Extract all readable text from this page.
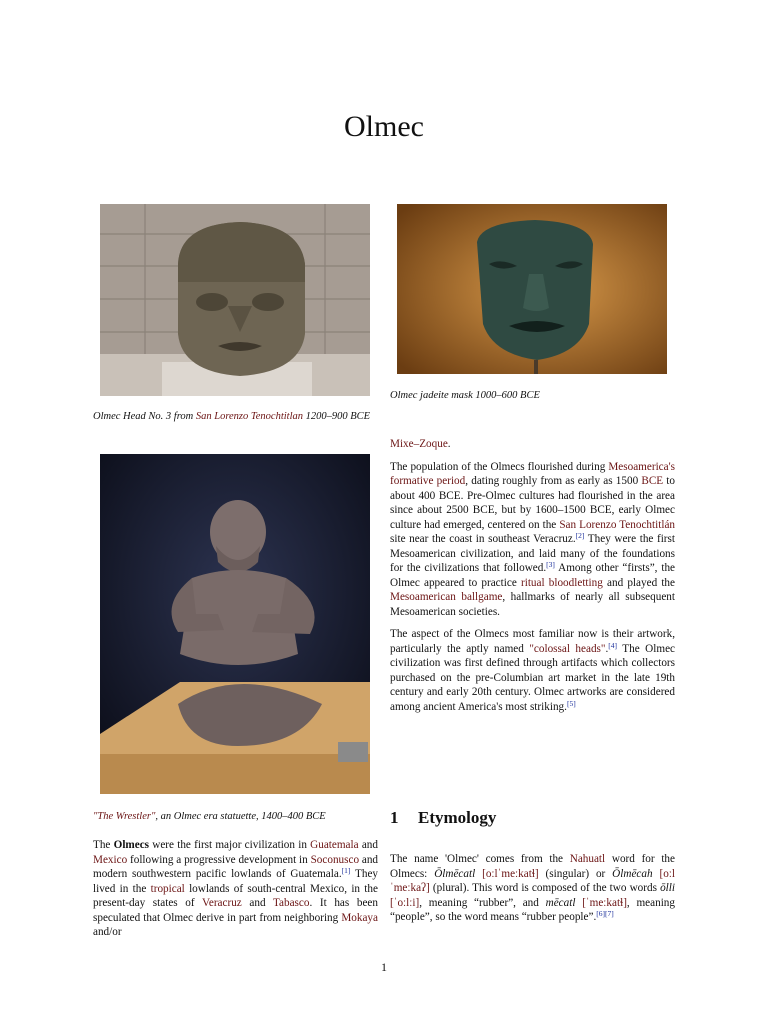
Olmec
Olmec Head No. 3 from San Lorenzo Tenochtitlan 1200–900 BCE
Olmec jadeite mask 1000–600 BCE
"The Wrestler", an Olmec era statuette, 1400–400 BCE
The Olmecs were the first major civilization in Guatemala and Mexico following a progressive development in Soconusco and modern southwestern pacific lowlands of Guatemala.[1] They lived in the tropical lowlands of south-central Mexico, in the present-day states of Veracruz and Tabasco. It has been speculated that Olmec derive in part from neighboring Mokaya and/or

Mixe–Zoque.

The population of the Olmecs flourished during Mesoamerica's formative period, dating roughly from as early as 1500 BCE to about 400 BCE. Pre-Olmec cultures had flourished in the area since about 2500 BCE, but by 1600–1500 BCE, early Olmec culture had emerged, centered on the San Lorenzo Tenochtitlán site near the coast in southeast Veracruz.[2] They were the first Mesoamerican civilization, and laid many of the foundations for the civilizations that followed.[3] Among other “firsts”, the Olmec appeared to practice ritual bloodletting and played the Mesoamerican ballgame, hallmarks of nearly all subsequent Mesoamerican societies.

The aspect of the Olmecs most familiar now is their artwork, particularly the aptly named "colossal heads".[4] The Olmec civilization was first defined through artifacts which collectors purchased on the pre-Columbian art market in the late 19th century and early 20th century. Olmec artworks are considered among ancient America's most striking.[5]

1 Etymology
The name 'Olmec' comes from the Nahuatl word for the Olmecs: Ōlmēcatl [oːlˈmeːkatɬ] (singular) or Ōlmēcah [oːlˈmeːkaʔ] (plural). This word is composed of the two words ōlli [ˈoːlːi], meaning “rubber”, and mēcatl [ˈmeːkatɬ], meaning “people”, so the word means “rubber people”.[6][7]
1
